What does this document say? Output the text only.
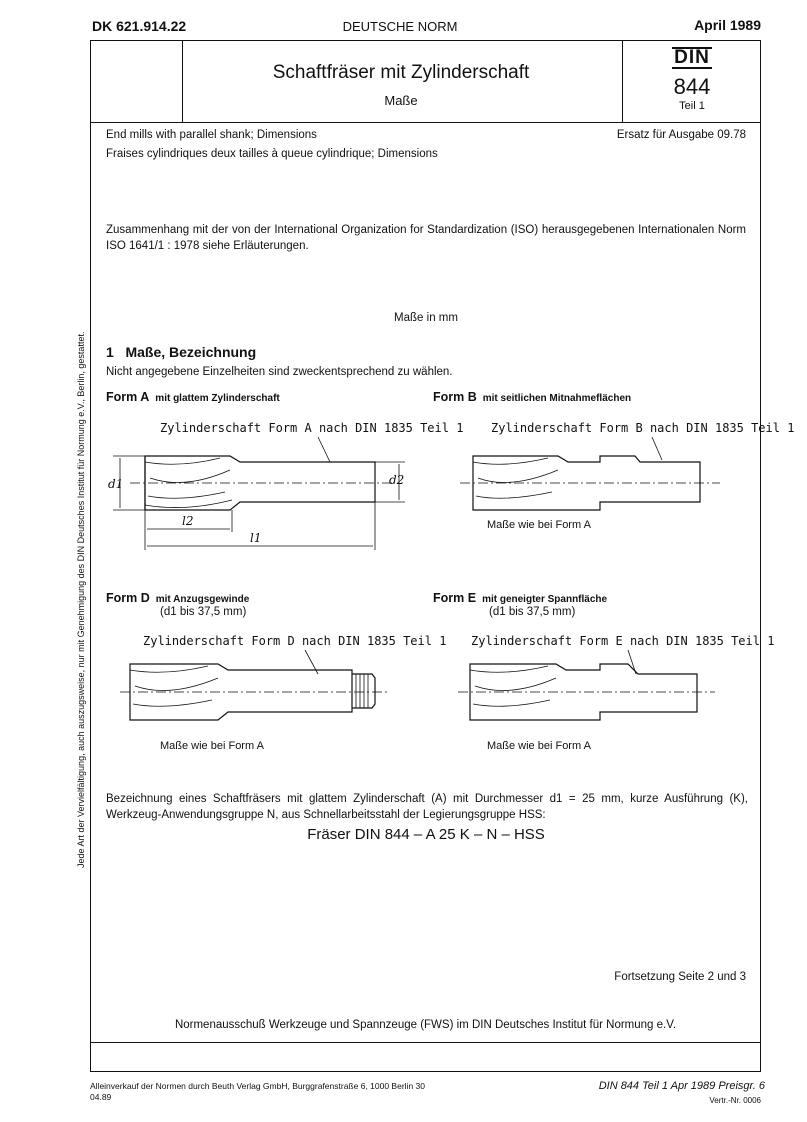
DK 621.914.22	DEUTSCHE NORM	April 1989
Schaftfräser mit Zylinderschaft
Maße
DIN
844
Teil 1
End mills with parallel shank; Dimensions
Fraises cylindriques deux tailles à queue cylindrique; Dimensions
Ersatz für Ausgabe 09.78
Zusammenhang mit der von der International Organization for Standardization (ISO) herausgegebenen Internationalen Norm ISO 1641/1 : 1978 siehe Erläuterungen.
Maße in mm
1 Maße, Bezeichnung
Nicht angegebene Einzelheiten sind zweckentsprechend zu wählen.
Form A mit glattem Zylinderschaft	Form B mit seitlichen Mitnahmeflächen
Form D mit Anzugsgewinde
(d1 bis 37,5 mm)
Form E mit geneigter Spannfläche
(d1 bis 37,5 mm)
Zylinderschaft Form A nach DIN 1835 Teil 1
d1	d2
l2
l1
Zylinderschaft Form B nach DIN 1835 Teil 1
Maße wie bei Form A
Zylinderschaft Form D nach DIN 1835 Teil 1
Maße wie bei Form A
Zylinderschaft Form E nach DIN 1835 Teil 1
Maße wie bei Form A
Bezeichnung eines Schaftfräsers mit glattem Zylinderschaft (A) mit Durchmesser d1 = 25 mm, kurze Ausführung (K), Werkzeug-Anwendungsgruppe N, aus Schnellarbeitsstahl der Legierungsgruppe HSS:
Fräser DIN 844 – A 25 K – N – HSS
Fortsetzung Seite 2 und 3
Normenausschuß Werkzeuge und Spannzeuge (FWS) im DIN Deutsches Institut für Normung e.V.
Jede Art der Vervielfältigung, auch auszugsweise, nur mit Genehmigung des DIN Deutsches Institut für Normung e.V., Berlin, gestattet.
Alleinverkauf der Normen durch Beuth Verlag GmbH, Burggrafenstraße 6, 1000 Berlin 30
04.89
DIN 844 Teil 1 Apr 1989 Preisgr. 6
Vertr.-Nr. 0006
